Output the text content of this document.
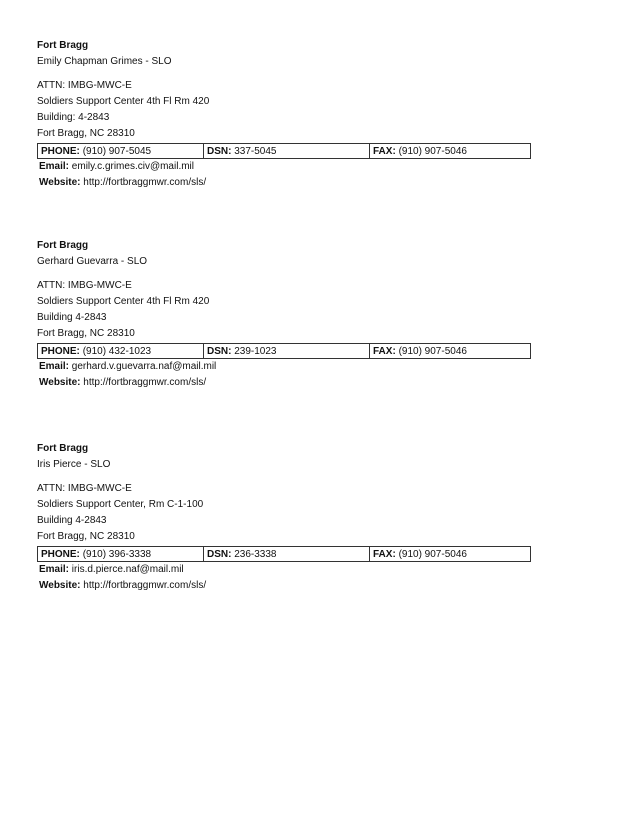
Fort Bragg
Emily Chapman Grimes - SLO
ATTN: IMBG-MWC-E
Soldiers Support Center 4th Fl Rm 420
Building: 4-2843
Fort Bragg, NC 28310
PHONE: (910) 907-5045	DSN: 337-5045	FAX: (910) 907-5046
Email: emily.c.grimes.civ@mail.mil
Website: http://fortbraggmwr.com/sls/
Fort Bragg
Gerhard Guevarra - SLO
ATTN: IMBG-MWC-E
Soldiers Support Center 4th Fl Rm 420
Building 4-2843
Fort Bragg, NC 28310
PHONE: (910) 432-1023	DSN: 239-1023	FAX: (910) 907-5046
Email: gerhard.v.guevarra.naf@mail.mil
Website: http://fortbraggmwr.com/sls/
Fort Bragg
Iris Pierce - SLO
ATTN: IMBG-MWC-E
Soldiers Support Center, Rm C-1-100
Building 4-2843
Fort Bragg, NC 28310
PHONE: (910) 396-3338	DSN: 236-3338	FAX: (910) 907-5046
Email: iris.d.pierce.naf@mail.mil
Website: http://fortbraggmwr.com/sls/
